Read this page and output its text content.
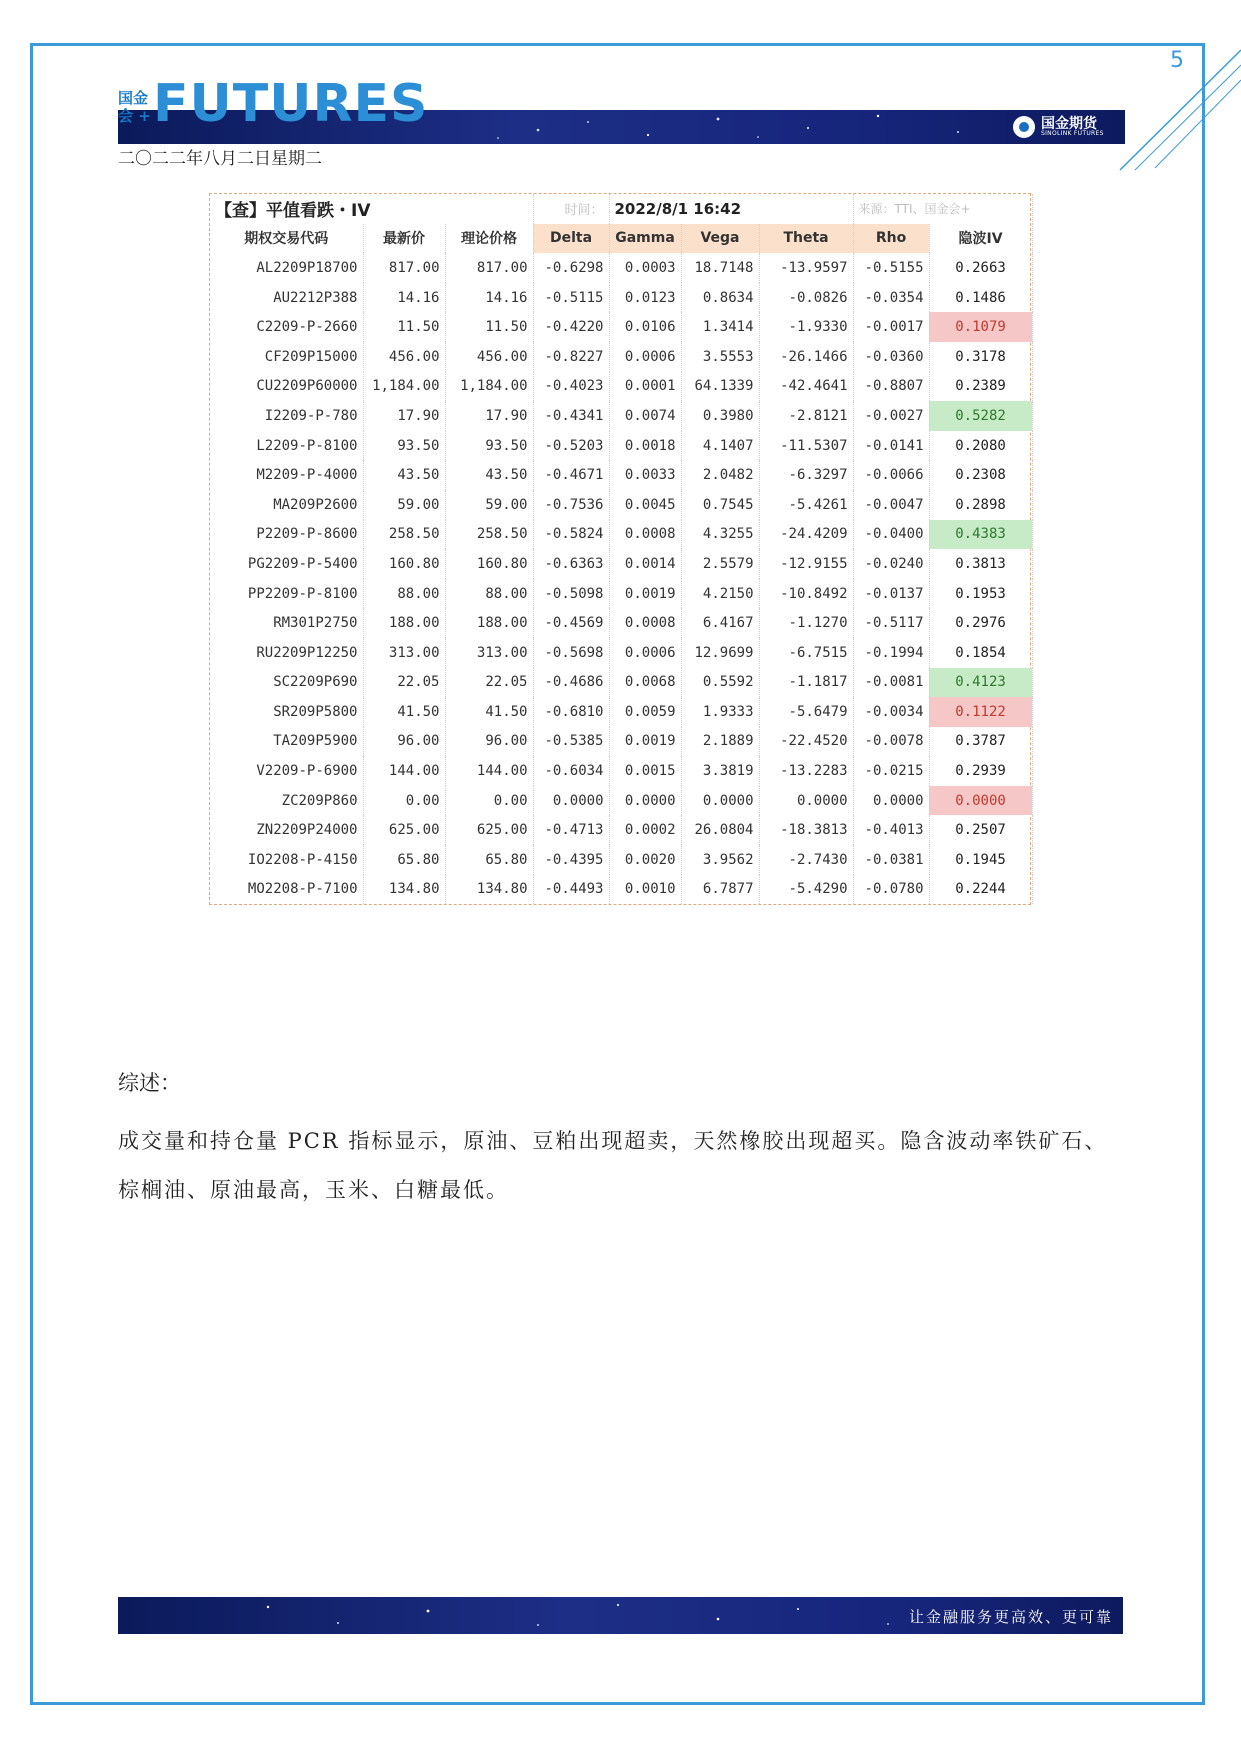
5
国金
会 + FUTURES	国金期货
SINOLINK FUTURES
二〇二二年八月二日星期二
【查】平值看跌・IV			时间：	2022/8/1 16:42			来源：TTI、国金会+	
期权交易代码	最新价	理论价格	Delta	Gamma	Vega	Theta	Rho	隐波IV
AL2209P18700	817.00	817.00	-0.6298	0.0003	18.7148	-13.9597	-0.5155	0.2663
AU2212P388	14.16	14.16	-0.5115	0.0123	0.8634	-0.0826	-0.0354	0.1486
C2209-P-2660	11.50	11.50	-0.4220	0.0106	1.3414	-1.9330	-0.0017	0.1079
CF209P15000	456.00	456.00	-0.8227	0.0006	3.5553	-26.1466	-0.0360	0.3178
CU2209P60000	1,184.00	1,184.00	-0.4023	0.0001	64.1339	-42.4641	-0.8807	0.2389
I2209-P-780	17.90	17.90	-0.4341	0.0074	0.3980	-2.8121	-0.0027	0.5282
L2209-P-8100	93.50	93.50	-0.5203	0.0018	4.1407	-11.5307	-0.0141	0.2080
M2209-P-4000	43.50	43.50	-0.4671	0.0033	2.0482	-6.3297	-0.0066	0.2308
MA209P2600	59.00	59.00	-0.7536	0.0045	0.7545	-5.4261	-0.0047	0.2898
P2209-P-8600	258.50	258.50	-0.5824	0.0008	4.3255	-24.4209	-0.0400	0.4383
PG2209-P-5400	160.80	160.80	-0.6363	0.0014	2.5579	-12.9155	-0.0240	0.3813
PP2209-P-8100	88.00	88.00	-0.5098	0.0019	4.2150	-10.8492	-0.0137	0.1953
RM301P2750	188.00	188.00	-0.4569	0.0008	6.4167	-1.1270	-0.5117	0.2976
RU2209P12250	313.00	313.00	-0.5698	0.0006	12.9699	-6.7515	-0.1994	0.1854
SC2209P690	22.05	22.05	-0.4686	0.0068	0.5592	-1.1817	-0.0081	0.4123
SR209P5800	41.50	41.50	-0.6810	0.0059	1.9333	-5.6479	-0.0034	0.1122
TA209P5900	96.00	96.00	-0.5385	0.0019	2.1889	-22.4520	-0.0078	0.3787
V2209-P-6900	144.00	144.00	-0.6034	0.0015	3.3819	-13.2283	-0.0215	0.2939
ZC209P860	0.00	0.00	0.0000	0.0000	0.0000	0.0000	0.0000	0.0000
ZN2209P24000	625.00	625.00	-0.4713	0.0002	26.0804	-18.3813	-0.4013	0.2507
IO2208-P-4150	65.80	65.80	-0.4395	0.0020	3.9562	-2.7430	-0.0381	0.1945
MO2208-P-7100	134.80	134.80	-0.4493	0.0010	6.7877	-5.4290	-0.0780	0.2244
综述：
成交量和持仓量 PCR 指标显示，原油、豆粕出现超卖，天然橡胶出现超买。隐含波动率铁矿石、棕榈油、原油最高，玉米、白糖最低。
让金融服务更高效、更可靠
